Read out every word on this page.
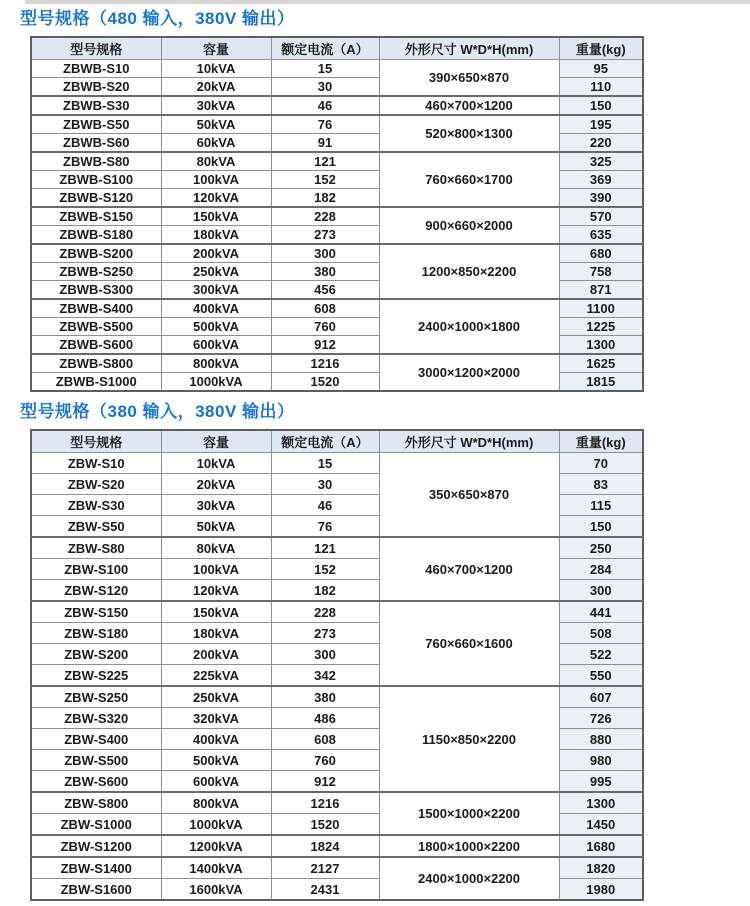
型号规格（480 输入，380V 输出）
型号规格	容量	额定电流（A）	外形尺寸 W*D*H(mm)	重量(kg)
ZBWB-S10	10kVA	15	390×650×870	95
ZBWB-S20	20kVA	30		110
ZBWB-S30	30kVA	46	460×700×1200	150
ZBWB-S50	50kVA	76	520×800×1300	195
ZBWB-S60	60kVA	91		220
ZBWB-S80	80kVA	121	760×660×1700	325
ZBWB-S100	100kVA	152		369
ZBWB-S120	120kVA	182		390
ZBWB-S150	150kVA	228	900×660×2000	570
ZBWB-S180	180kVA	273		635
ZBWB-S200	200kVA	300	1200×850×2200	680
ZBWB-S250	250kVA	380		758
ZBWB-S300	300kVA	456		871
ZBWB-S400	400kVA	608	2400×1000×1800	1100
ZBWB-S500	500kVA	760		1225
ZBWB-S600	600kVA	912		1300
ZBWB-S800	800kVA	1216	3000×1200×2000	1625
ZBWB-S1000	1000kVA	1520		1815
型号规格（380 输入，380V 输出）
型号规格	容量	额定电流（A）	外形尺寸 W*D*H(mm)	重量(kg)
ZBW-S10	10kVA	15	350×650×870	70
ZBW-S20	20kVA	30		83
ZBW-S30	30kVA	46		115
ZBW-S50	50kVA	76		150
ZBW-S80	80kVA	121	460×700×1200	250
ZBW-S100	100kVA	152		284
ZBW-S120	120kVA	182		300
ZBW-S150	150kVA	228	760×660×1600	441
ZBW-S180	180kVA	273		508
ZBW-S200	200kVA	300		522
ZBW-S225	225kVA	342		550
ZBW-S250	250kVA	380	1150×850×2200	607
ZBW-S320	320kVA	486		726
ZBW-S400	400kVA	608		880
ZBW-S500	500kVA	760		980
ZBW-S600	600kVA	912		995
ZBW-S800	800kVA	1216	1500×1000×2200	1300
ZBW-S1000	1000kVA	1520		1450
ZBW-S1200	1200kVA	1824	1800×1000×2200	1680
ZBW-S1400	1400kVA	2127	2400×1000×2200	1820
ZBW-S1600	1600kVA	2431		1980
